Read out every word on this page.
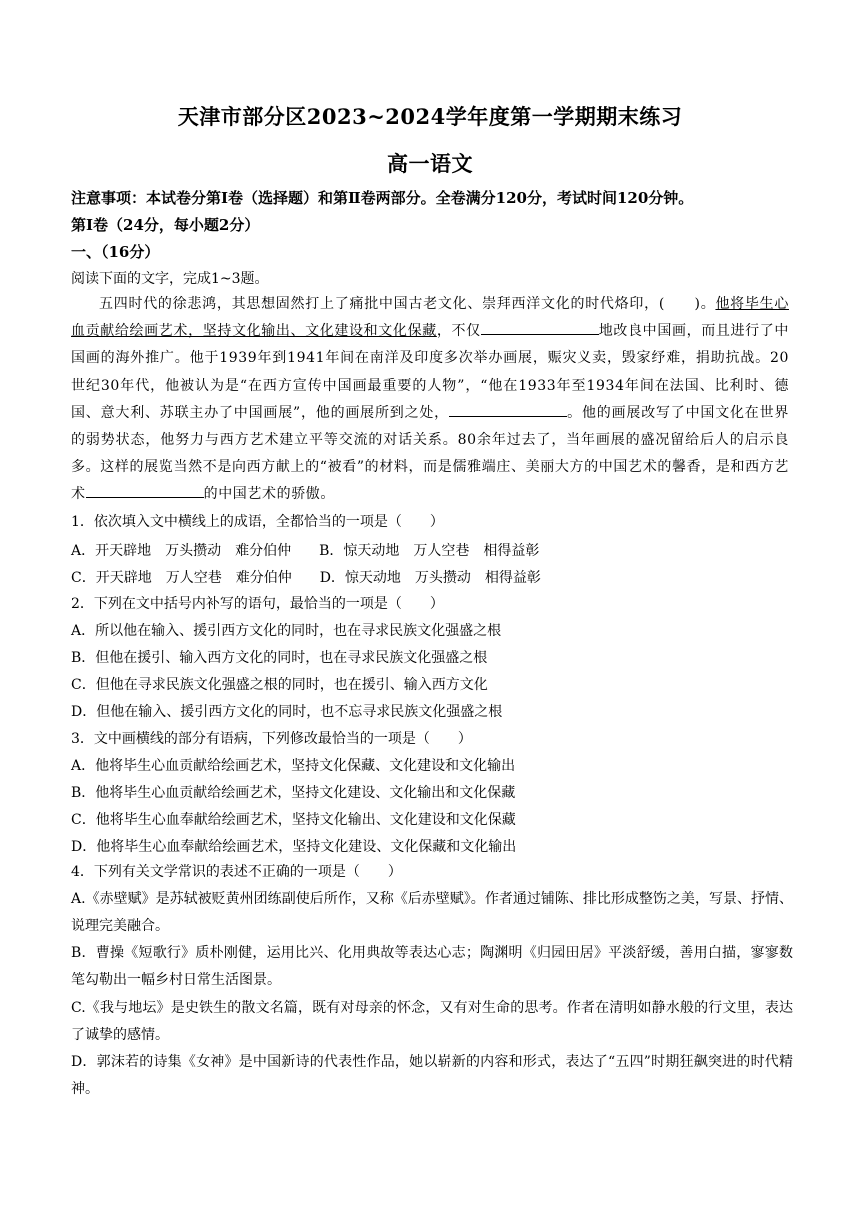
天津市部分区2023~2024学年度第一学期期末练习
高一语文
注意事项：本试卷分第Ⅰ卷（选择题）和第Ⅱ卷两部分。全卷满分120分，考试时间120分钟。
第Ⅰ卷（24分，每小题2分）
一、（16分）
阅读下面的文字，完成1~3题。

五四时代的徐悲鸿，其思想固然打上了痛批中国古老文化、崇拜西洋文化的时代烙印，(　　)。他将毕生心血贡献给绘画艺术，坚持文化输出、文化建设和文化保藏，不仅	地改良中国画，而且进行了中国画的海外推广。他于1939年到1941年间在南洋及印度多次举办画展，赈灾义卖，毁家纾难，捐助抗战。20世纪30年代，他被认为是“在西方宣传中国画最重要的人物”，“他在1933年至1934年间在法国、比利时、德国、意大利、苏联主办了中国画展”，他的画展所到之处，	。他的画展改写了中国文化在世界的弱势状态，他努力与西方艺术建立平等交流的对话关系。80余年过去了，当年画展的盛况留给后人的启示良多。这样的展览当然不是向西方献上的“被看”的材料，而是儒雅端庄、美丽大方的中国艺术的馨香，是和西方艺术	的中国艺术的骄傲。

1．依次填入文中横线上的成语，全都恰当的一项是（　　）
A．开天辟地　万头攒动　难分伯仲　　B．惊天动地　万人空巷　相得益彰
C．开天辟地　万人空巷　难分伯仲　　D．惊天动地　万头攒动　相得益彰
2．下列在文中括号内补写的语句，最恰当的一项是（　　）
A．所以他在输入、援引西方文化的同时，也在寻求民族文化强盛之根
B．但他在援引、输入西方文化的同时，也在寻求民族文化强盛之根
C．但他在寻求民族文化强盛之根的同时，也在援引、输入西方文化
D．但他在输入、援引西方文化的同时，也不忘寻求民族文化强盛之根
3．文中画横线的部分有语病，下列修改最恰当的一项是（　　）
A．他将毕生心血贡献给绘画艺术，坚持文化保藏、文化建设和文化输出
B．他将毕生心血贡献给绘画艺术，坚持文化建设、文化输出和文化保藏
C．他将毕生心血奉献给绘画艺术，坚持文化输出、文化建设和文化保藏
D．他将毕生心血奉献给绘画艺术，坚持文化建设、文化保藏和文化输出
4．下列有关文学常识的表述不正确的一项是（　　）
A.《赤壁赋》是苏轼被贬黄州团练副使后所作，又称《后赤壁赋》。作者通过铺陈、排比形成整饬之美，写景、抒情、说理完美融合。
B．曹操《短歌行》质朴刚健，运用比兴、化用典故等表达心志；陶渊明《归园田居》平淡舒缓，善用白描，寥寥数笔勾勒出一幅乡村日常生活图景。
C.《我与地坛》是史铁生的散文名篇，既有对母亲的怀念，又有对生命的思考。作者在清明如静水般的行文里，表达了诚挚的感情。
D．郭沫若的诗集《女神》是中国新诗的代表性作品，她以崭新的内容和形式，表达了“五四”时期狂飙突进的时代精神。
